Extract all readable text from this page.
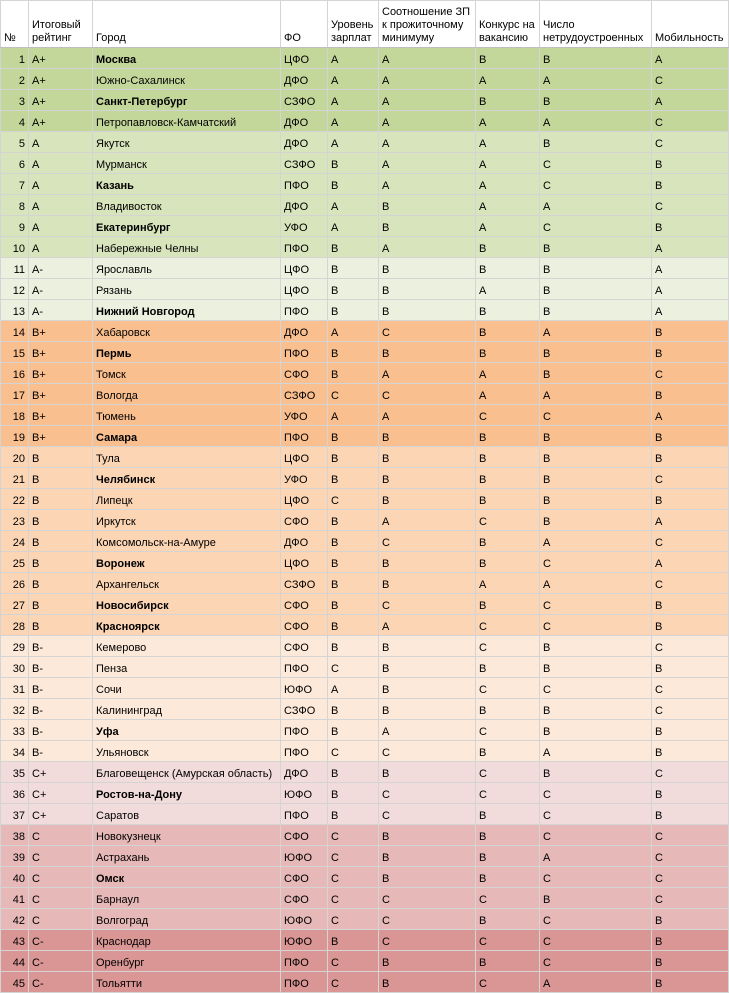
№	Итоговый рейтинг	Город	ФО	Уровень зарплат	Соотношение ЗП к прожиточному минимуму	Конкурс на вакансию	Число нетрудоустроенных	Мобильность
1	A+	Москва	ЦФО	A	A	B	B	A
2	A+	Южно-Сахалинск	ДФО	A	A	A	A	C
3	A+	Санкт-Петербург	СЗФО	A	A	B	B	A
4	A+	Петропавловск-Камчатский	ДФО	A	A	A	A	C
5	A	Якутск	ДФО	A	A	A	B	C
6	A	Мурманск	СЗФО	B	A	A	C	B
7	A	Казань	ПФО	B	A	A	C	B
8	A	Владивосток	ДФО	A	B	A	A	C
9	A	Екатеринбург	УФО	A	B	A	C	B
10	A	Набережные Челны	ПФО	B	A	B	B	A
11	A-	Ярославль	ЦФО	B	B	B	B	A
12	A-	Рязань	ЦФО	B	B	A	B	A
13	A-	Нижний Новгород	ПФО	B	B	B	B	A
14	B+	Хабаровск	ДФО	A	C	B	A	B
15	B+	Пермь	ПФО	B	B	B	B	B
16	B+	Томск	СФО	B	A	A	B	C
17	B+	Вологда	СЗФО	C	C	A	A	B
18	B+	Тюмень	УФО	A	A	C	C	A
19	B+	Самара	ПФО	B	B	B	B	B
20	B	Тула	ЦФО	B	B	B	B	B
21	B	Челябинск	УФО	B	B	B	B	C
22	B	Липецк	ЦФО	C	B	B	B	B
23	B	Иркутск	СФО	B	A	C	B	A
24	B	Комсомольск-на-Амуре	ДФО	B	C	B	A	C
25	B	Воронеж	ЦФО	B	B	B	C	A
26	B	Архангельск	СЗФО	B	B	A	A	C
27	B	Новосибирск	СФО	B	C	B	C	B
28	B	Красноярск	СФО	B	A	C	C	B
29	B-	Кемерово	СФО	B	B	C	B	C
30	B-	Пенза	ПФО	C	B	B	B	B
31	B-	Сочи	ЮФО	A	B	C	C	C
32	B-	Калининград	СЗФО	B	B	B	B	C
33	B-	Уфа	ПФО	B	A	C	B	B
34	B-	Ульяновск	ПФО	C	C	B	A	B
35	C+	Благовещенск (Амурская область)	ДФО	B	B	C	B	C
36	C+	Ростов-на-Дону	ЮФО	B	C	C	C	B
37	C+	Саратов	ПФО	B	C	B	C	B
38	C	Новокузнецк	СФО	C	B	B	C	C
39	C	Астрахань	ЮФО	C	B	B	A	C
40	C	Омск	СФО	C	B	B	C	C
41	C	Барнаул	СФО	C	C	C	B	C
42	C	Волгоград	ЮФО	C	C	B	C	B
43	C-	Краснодар	ЮФО	B	C	C	C	B
44	C-	Оренбург	ПФО	C	B	B	C	B
45	C-	Тольятти	ПФО	C	B	C	A	B
